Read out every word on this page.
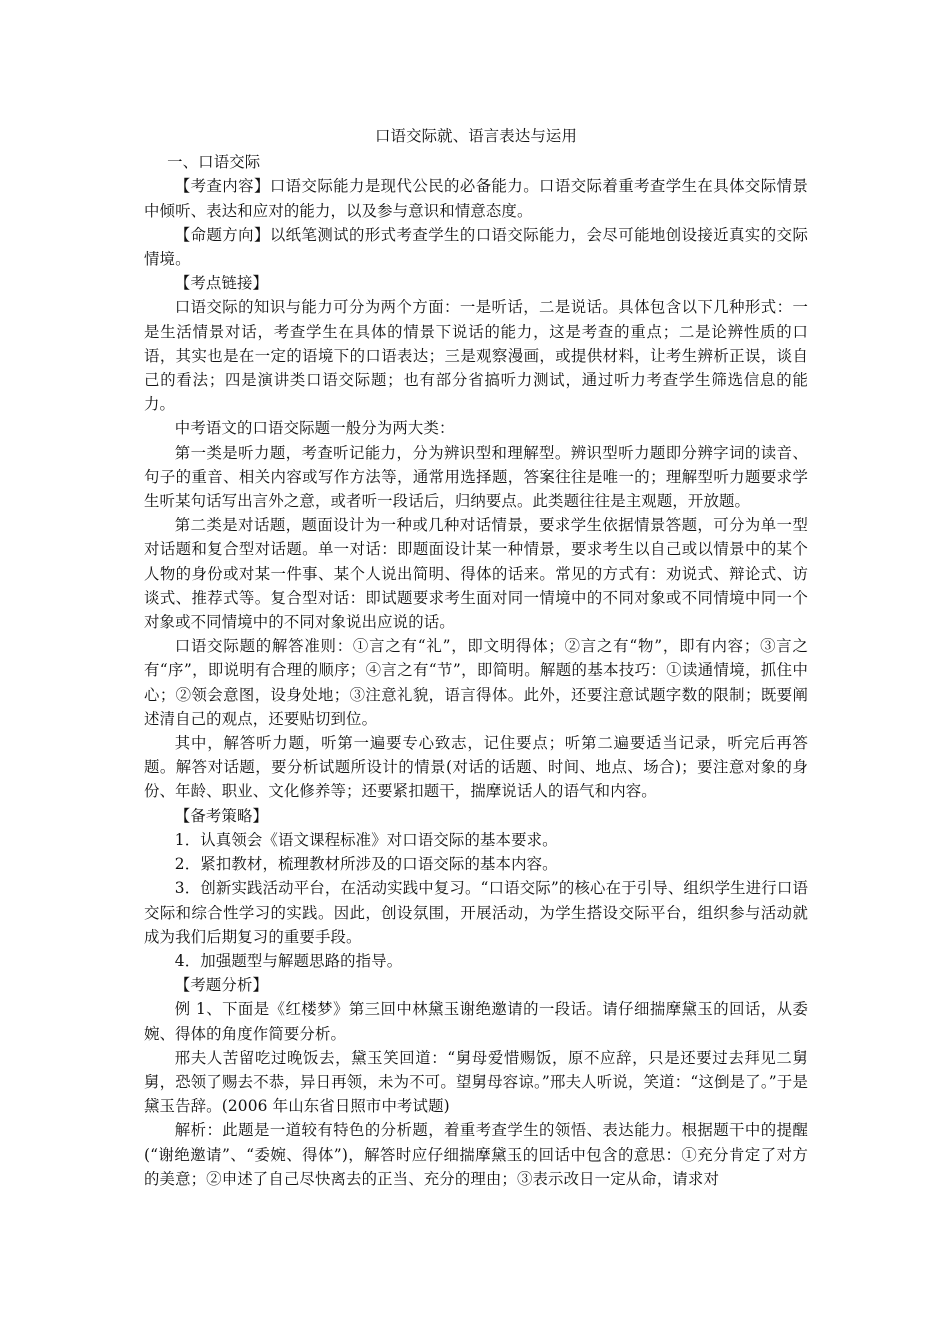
口语交际就、语言表达与运用

一、口语交际

【考查内容】口语交际能力是现代公民的必备能力。口语交际着重考查学生在具体交际情景中倾听、表达和应对的能力，以及参与意识和情意态度。

【命题方向】以纸笔测试的形式考查学生的口语交际能力，会尽可能地创设接近真实的交际情境。

【考点链接】

口语交际的知识与能力可分为两个方面：一是听话，二是说话。具体包含以下几种形式：一是生活情景对话，考查学生在具体的情景下说话的能力，这是考查的重点；二是论辨性质的口语，其实也是在一定的语境下的口语表达；三是观察漫画，或提供材料，让考生辨析正误，谈自己的看法；四是演讲类口语交际题；也有部分省搞听力测试，通过听力考查学生筛选信息的能力。

中考语文的口语交际题一般分为两大类：

第一类是听力题，考查听记能力，分为辨识型和理解型。辨识型听力题即分辨字词的读音、句子的重音、相关内容或写作方法等，通常用选择题，答案往往是唯一的；理解型听力题要求学生听某句话写出言外之意，或者听一段话后，归纳要点。此类题往往是主观题，开放题。

第二类是对话题，题面设计为一种或几种对话情景，要求学生依据情景答题，可分为单一型对话题和复合型对话题。单一对话：即题面设计某一种情景，要求考生以自己或以情景中的某个人物的身份或对某一件事、某个人说出简明、得体的话来。常见的方式有：劝说式、辩论式、访谈式、推荐式等。复合型对话：即试题要求考生面对同一情境中的不同对象或不同情境中同一个对象或不同情境中的不同对象说出应说的话。

口语交际题的解答准则：①言之有“礼”，即文明得体；②言之有“物”，即有内容；③言之有“序”，即说明有合理的顺序；④言之有“节”，即简明。解题的基本技巧：①读通情境，抓住中心；②领会意图，设身处地；③注意礼貌，语言得体。此外，还要注意试题字数的限制；既要阐述清自己的观点，还要贴切到位。

其中，解答听力题，听第一遍要专心致志，记住要点；听第二遍要适当记录，听完后再答题。解答对话题，要分析试题所设计的情景(对话的话题、时间、地点、场合)；要注意对象的身份、年龄、职业、文化修养等；还要紧扣题干，揣摩说话人的语气和内容。

【备考策略】

1．认真领会《语文课程标准》对口语交际的基本要求。

2．紧扣教材，梳理教材所涉及的口语交际的基本内容。

3．创新实践活动平台，在活动实践中复习。“口语交际”的核心在于引导、组织学生进行口语交际和综合性学习的实践。因此，创设氛围，开展活动，为学生搭设交际平台，组织参与活动就成为我们后期复习的重要手段。

4．加强题型与解题思路的指导。

【考题分析】

例 1、下面是《红楼梦》第三回中林黛玉谢绝邀请的一段话。请仔细揣摩黛玉的回话，从委婉、得体的角度作简要分析。

邢夫人苦留吃过晚饭去，黛玉笑回道：“舅母爱惜赐饭，原不应辞，只是还要过去拜见二舅舅，恐领了赐去不恭，异日再领，未为不可。望舅母容谅。”邢夫人听说，笑道：“这倒是了。”于是黛玉告辞。(2006 年山东省日照市中考试题)

解析：此题是一道较有特色的分析题，着重考查学生的领悟、表达能力。根据题干中的提醒(“谢绝邀请”、“委婉、得体”)，解答时应仔细揣摩黛玉的回话中包含的意思：①充分肯定了对方的美意；②申述了自己尽快离去的正当、充分的理由；③表示改日一定从命，请求对
